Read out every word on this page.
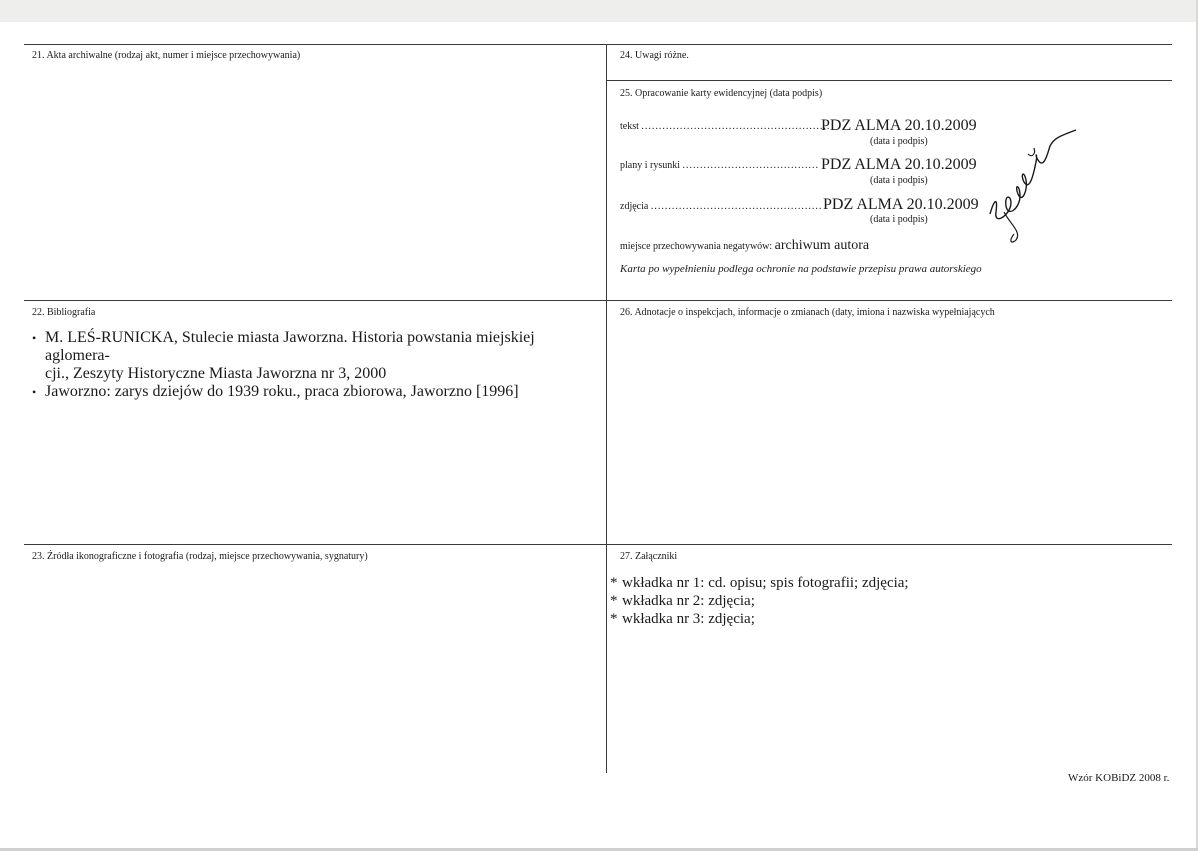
21. Akta archiwalne (rodzaj akt, numer i miejsce przechowywania)	24. Uwagi różne.
25. Opracowanie karty ewidencyjnej (data podpis)
tekst ......................................................
PDZ ALMA 20.10.2009
(data i podpis)
plany i rysunki ....................................... PDZ ALMA 20.10.2009
(data i podpis)
zdjęcia ................................................. PDZ ALMA 20.10.2009
(data i podpis)
miejsce przechowywania negatywów: archiwum autora
Karta po wypełnieniu podlega ochronie na podstawie przepisu prawa autorskiego
22. Bibliografia
• M. LEŚ-RUNICKA, Stulecie miasta Jaworzna. Historia powstania miejskiej aglomera-
cji., Zeszyty Historyczne Miasta Jaworzna nr 3, 2000
• Jaworzno: zarys dziejów do 1939 roku., praca zbiorowa, Jaworzno [1996]
26. Adnotacje o inspekcjach, informacje o zmianach (daty, imiona i nazwiska wypełniających
23. Źródła ikonograficzne i fotografia (rodzaj, miejsce przechowywania, sygnatury)	27. Załączniki
* wkładka nr 1: cd. opisu; spis fotografii; zdjęcia;
* wkładka nr 2: zdjęcia;
* wkładka nr 3: zdjęcia;
Wzór KOBiDZ 2008 r.
